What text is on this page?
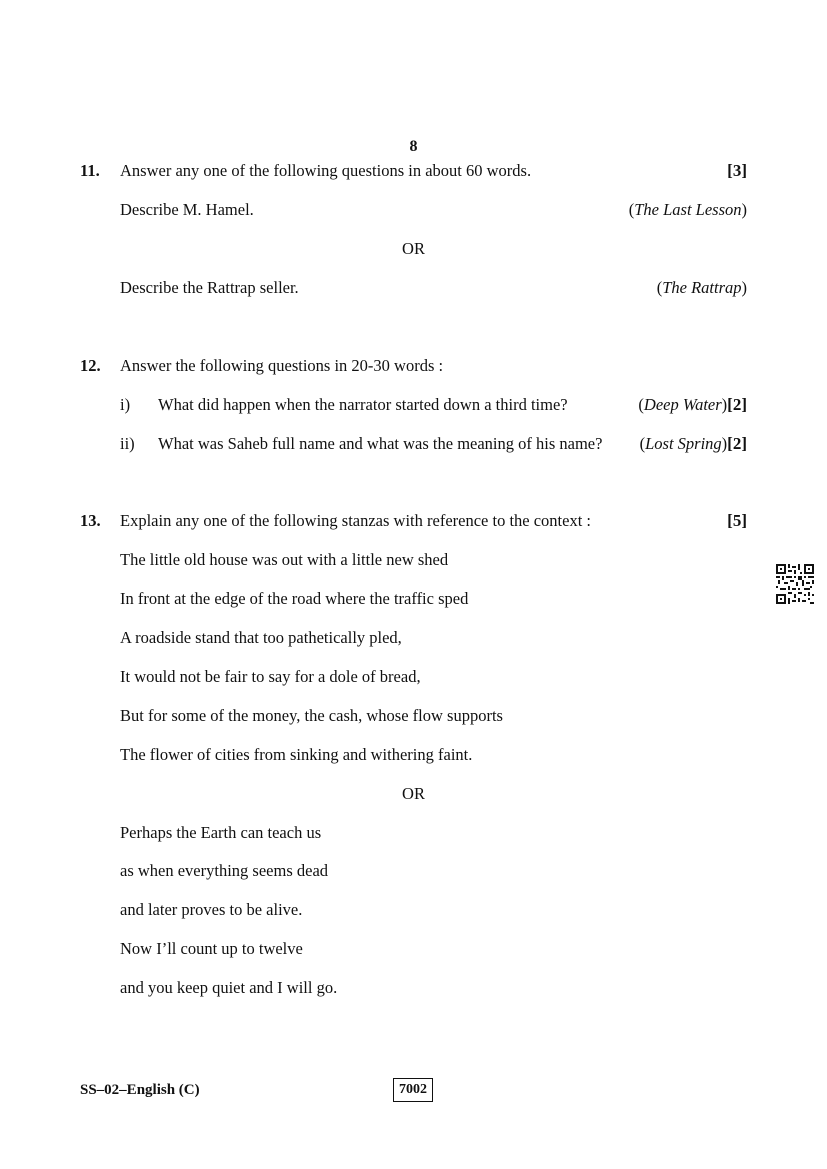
8
11. Answer any one of the following questions in about 60 words.	[3]
Describe M. Hamel.	(The Last Lesson)
OR
Describe the Rattrap seller.	(The Rattrap)
12. Answer the following questions in 20-30 words :
i) What did happen when the narrator started down a third time?	(Deep Water)[2]
ii) What was Saheb full name and what was the meaning of his name? (Lost Spring)[2]
13. Explain any one of the following stanzas with reference to the context :	[5]
The little old house was out with a little new shed
In front at the edge of the road where the traffic sped
A roadside stand that too pathetically pled,
It would not be fair to say for a dole of bread,
But for some of the money, the cash, whose flow supports
The flower of cities from sinking and withering faint.
OR
Perhaps the Earth can teach us
as when everything seems dead
and later proves to be alive.
Now I’ll count up to twelve
and you keep quiet and I will go.
SS–02–English (C)	7002
